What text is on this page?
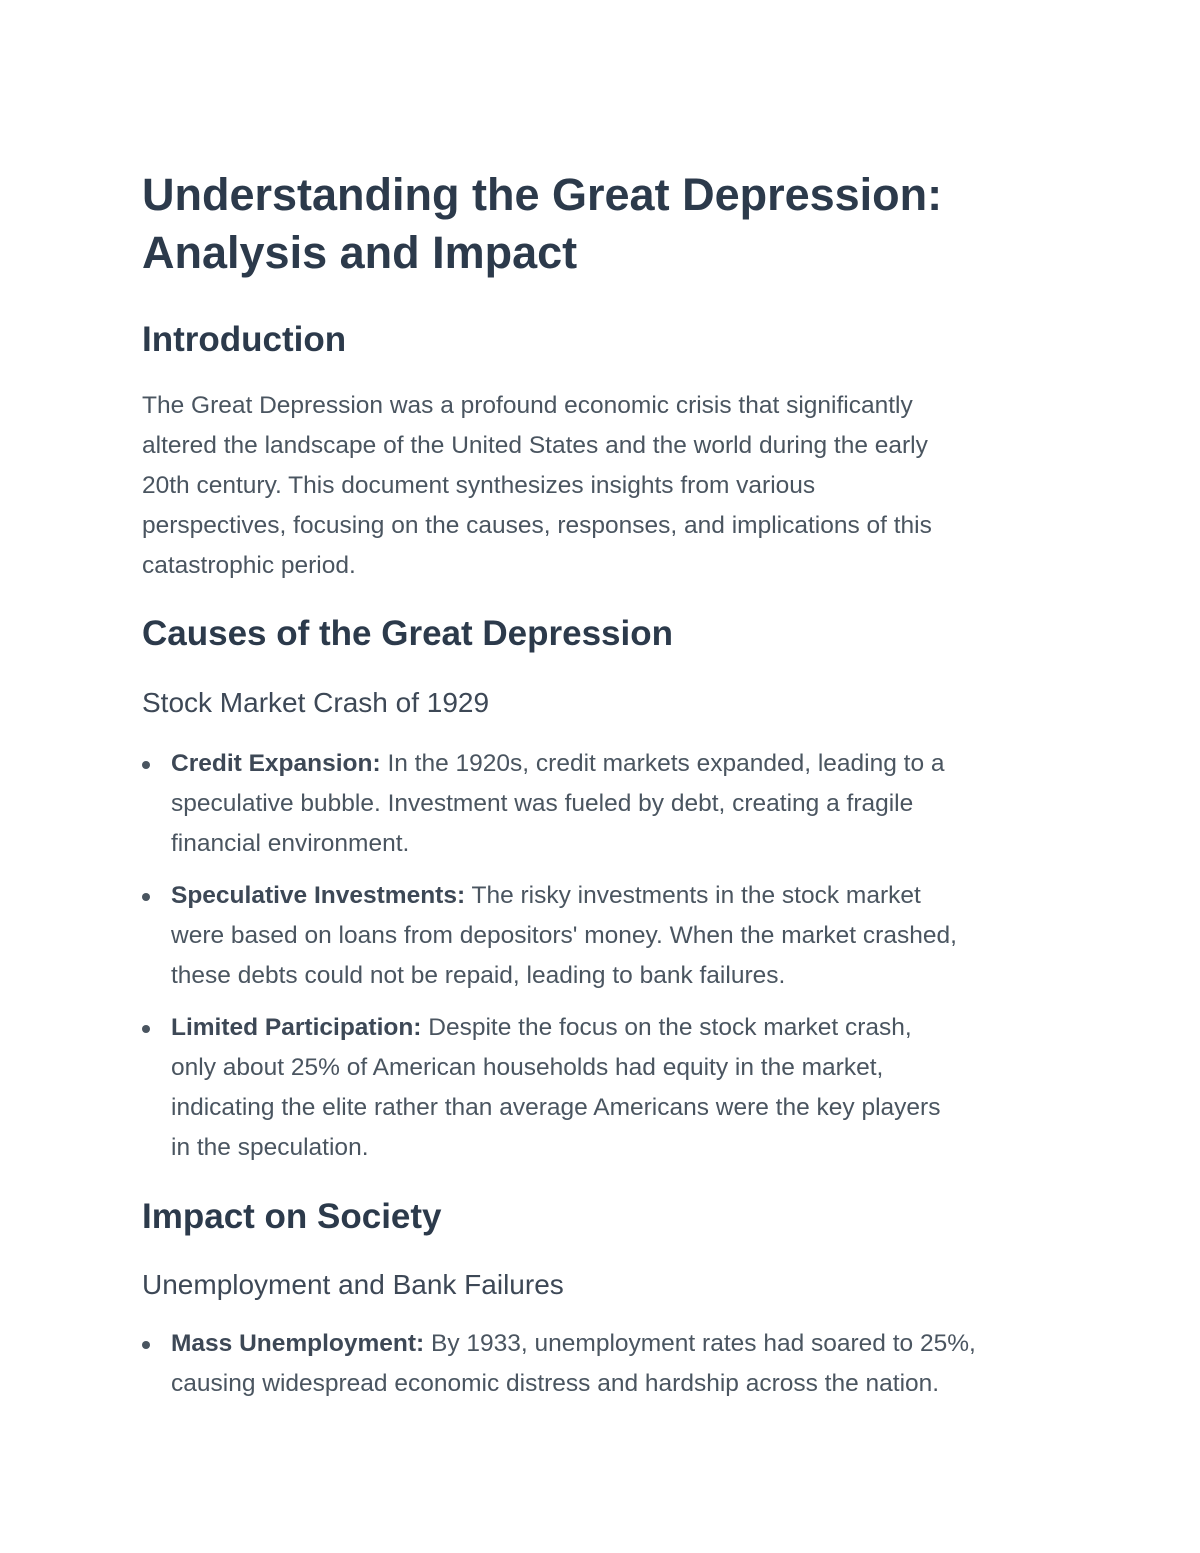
Understanding the Great Depression:
Analysis and Impact
Introduction
The Great Depression was a profound economic crisis that significantly
altered the landscape of the United States and the world during the early
20th century. This document synthesizes insights from various
perspectives, focusing on the causes, responses, and implications of this
catastrophic period.
Causes of the Great Depression
Stock Market Crash of 1929
Credit Expansion: In the 1920s, credit markets expanded, leading to a
speculative bubble. Investment was fueled by debt, creating a fragile
financial environment.
Speculative Investments: The risky investments in the stock market
were based on loans from depositors' money. When the market crashed,
these debts could not be repaid, leading to bank failures.
Limited Participation: Despite the focus on the stock market crash,
only about 25% of American households had equity in the market,
indicating the elite rather than average Americans were the key players
in the speculation.
Impact on Society
Unemployment and Bank Failures
Mass Unemployment: By 1933, unemployment rates had soared to 25%,
causing widespread economic distress and hardship across the nation.
